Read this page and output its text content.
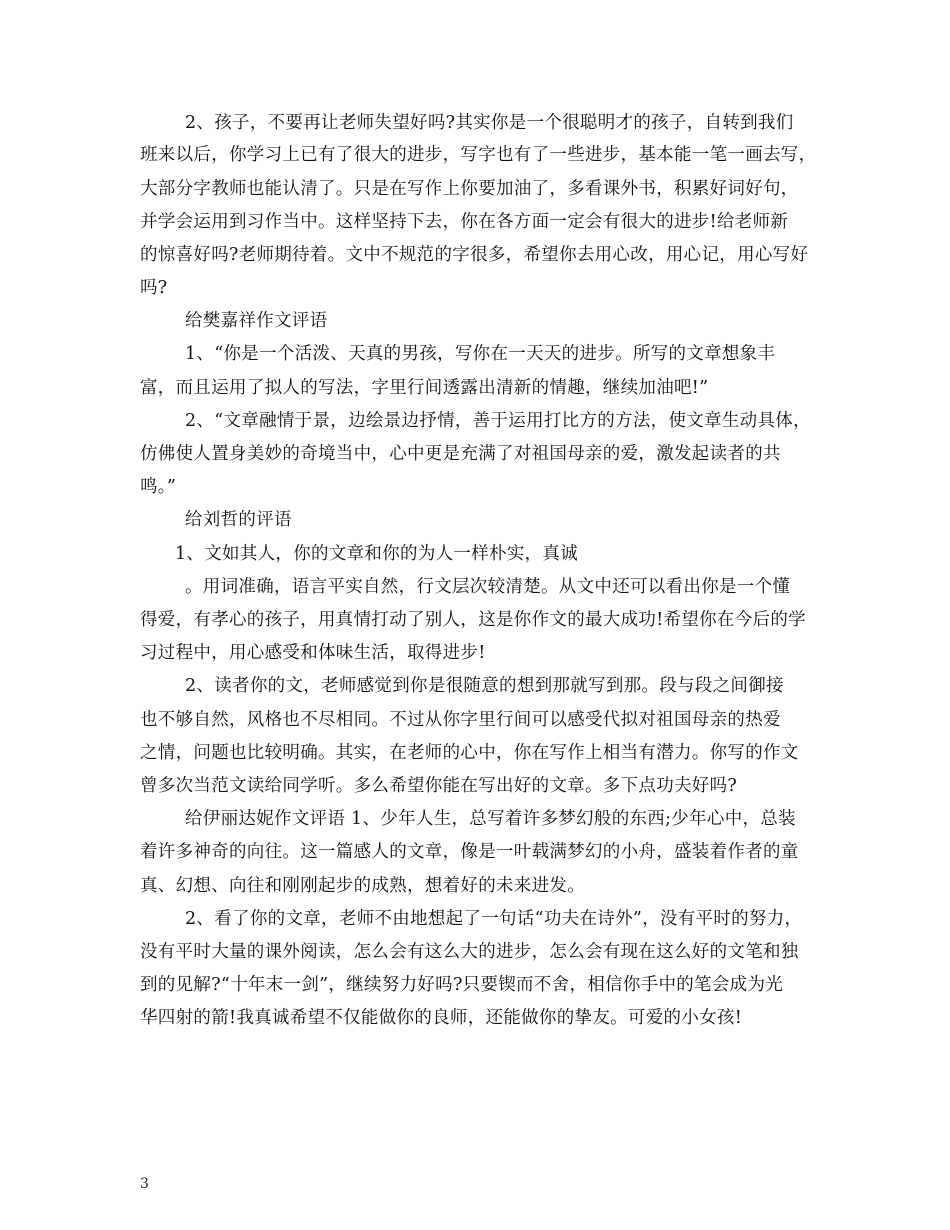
2、孩子，不要再让老师失望好吗?其实你是一个很聪明才的孩子，自转到我们
班来以后，你学习上已有了很大的进步，写字也有了一些进步，基本能一笔一画去写，
大部分字教师也能认清了。只是在写作上你要加油了，多看课外书，积累好词好句，
并学会运用到习作当中。这样坚持下去，你在各方面一定会有很大的进步!给老师新
的惊喜好吗?老师期待着。文中不规范的字很多，希望你去用心改，用心记，用心写好
吗?
给樊嘉祥作文评语
1、“你是一个活泼、天真的男孩，写你在一天天的进步。所写的文章想象丰
富，而且运用了拟人的写法，字里行间透露出清新的情趣，继续加油吧!”
2、“文章融情于景，边绘景边抒情，善于运用打比方的方法，使文章生动具体，
仿佛使人置身美妙的奇境当中，心中更是充满了对祖国母亲的爱，激发起读者的共
鸣。”
给刘哲的评语
1、文如其人，你的文章和你的为人一样朴实，真诚
。用词准确，语言平实自然，行文层次较清楚。从文中还可以看出你是一个懂
得爱，有孝心的孩子，用真情打动了别人，这是你作文的最大成功!希望你在今后的学
习过程中，用心感受和体味生活，取得进步!
2、读者你的文，老师感觉到你是很随意的想到那就写到那。段与段之间御接
也不够自然，风格也不尽相同。不过从你字里行间可以感受代拟对祖国母亲的热爱
之情，问题也比较明确。其实，在老师的心中，你在写作上相当有潜力。你写的作文
曾多次当范文读给同学听。多么希望你能在写出好的文章。多下点功夫好吗?
给伊丽达妮作文评语 1、少年人生，总写着许多梦幻般的东西;少年心中，总装
着许多神奇的向往。这一篇感人的文章，像是一叶载满梦幻的小舟，盛装着作者的童
真、幻想、向往和刚刚起步的成熟，想着好的未来进发。
2、看了你的文章，老师不由地想起了一句话“功夫在诗外”，没有平时的努力，
没有平时大量的课外阅读，怎么会有这么大的进步，怎么会有现在这么好的文笔和独
到的见解?“十年末一剑”，继续努力好吗?只要锲而不舍，相信你手中的笔会成为光
华四射的箭!我真诚希望不仅能做你的良师，还能做你的挚友。可爱的小女孩!
3
